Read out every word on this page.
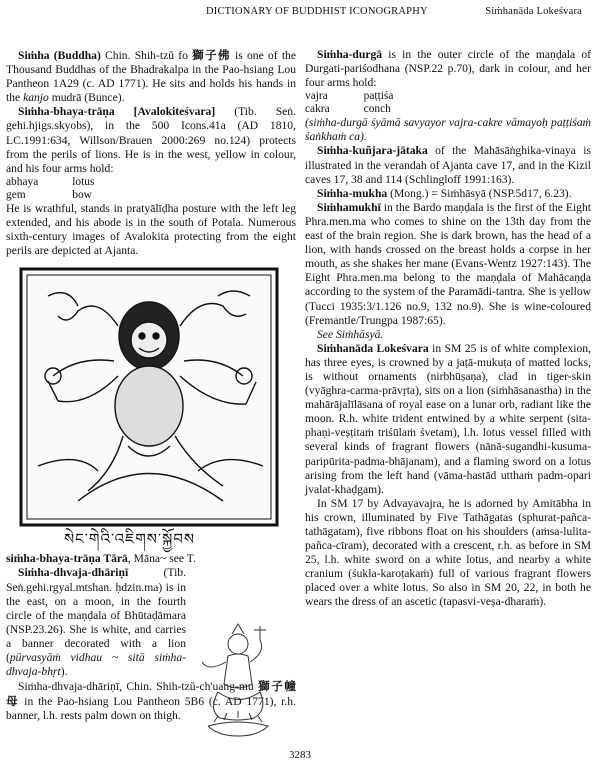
DICTIONARY OF BUDDHIST ICONOGRAPHY	Siṁhanāda Lokeśvara

Siṁha (Buddha) Chin. Shih-tzŭ fo 獅子佛 is one of the Thousand Buddhas of the Bhadrakalpa in the Pao-hsiang Lou Pantheon 1A29 (c. AD 1771). He sits and holds his hands in the kanjo mudrā (Bunce).

Siṁha-bhaya-trāṇa [Avalokiteśvara] (Tib. Seṅ. gehi.hjigs.skyobs), in the 500 Icons.41a (AD 1810, LC.1991:634, Willson/Brauen 2000:269 no.124) protects from the perils of lions. He is in the west, yellow in colour, and his four arms hold:

abhaya	lotus
gem	bow

He is wrathful, stands in pratyālīḍha posture with the left leg extended, and his abode is in the south of Potala. Numerous sixth-century images of Avalokita protecting from the eight perils are depicted at Ajanta.

སེང་གེའི་འཇིགས་སྐྱོབས

siṁha-bhaya-trāṇa Tārā, Māna~ see T.

Siṁha-dhvaja-dhāriṇī (Tib. Seṅ.gehi.rgyal.mtshan. ḥdzin.ma) is in the east, on a moon, in the fourth circle of the maṇḍala of Bhūtaḍāmara (NSP.23.26). She is white, and carries a banner decorated with a lion (pūrvasyāṁ vidhau ~ sitā siṁha-dhvaja-bhṛt).

Siṁha-dhvaja-dhāriṇī, Chin. Shih-tzŭ-ch'uang-mu 獅子幢母 in the Pao-hsiang Lou Pantheon 5B6 (c. AD 1771), r.h. banner, l.h. rests palm down on thigh.

Siṁha-durgā is in the outer circle of the maṇḍala of Durgati-pariśodhana (NSP.22 p.70), dark in colour, and her four arms hold:

vajra	paṭṭiśa
cakra	conch

(siṁha-durgā śyāmā savyayor vajra-cakre vāmayoḥ paṭṭiśaṁ śaṅkhaṁ ca).

Siṁha-kuñjara-jātaka of the Mahāsāṅghika-vinaya is illustrated in the verandah of Ajanta cave 17, and in the Kizil caves 17, 38 and 114 (Schlingloff 1991:163).

Siṁha-mukha (Mong.) = Siṁhāsyā (NSP.5d17, 6.23).

Siṁhamukhī in the Bardo maṇḍala is the first of the Eight Phra.men.ma who comes to shine on the 13th day from the east of the brain region. She is dark brown, has the head of a lion, with hands crossed on the breast holds a corpse in her mouth, as she shakes her mane (Evans-Wentz 1927:143). The Eight Phra.men.ma belong to the maṇḍala of Mahācaṇḍa according to the system of the Paramādi-tantra. She is yellow (Tucci 1935:3/1.126 no.9, 132 no.9). She is wine-coloured (Fremantle/Trungpa 1987:65).

See Siṁhāsyā.

Siṁhanāda Lokeśvara in SM 25 is of white complexion, has three eyes, is crowned by a jaṭā-mukuṭa of matted locks, is without ornaments (nirbhūṣaṇa), clad in tiger-skin (vyāghra-carma-prāvṛta), sits on a lion (siṁhāsanastha) in the mahārājalīlāsana of royal ease on a lunar orb, radiant like the moon. R.h. white trident entwined by a white serpent (sita-phaṇi-veṣṭitaṁ triśūlaṁ śvetam), l.h. lotus vessel filled with several kinds of fragrant flowers (nānā-sugandhi-kusuma-paripūrita-padma-bhājanam), and a flaming sword on a lotus arising from the left hand (vāma-hastād utthaṁ padm-opari jvalat-khaḍgam).

In SM 17 by Advayavajra, he is adorned by Amitābha in his crown, illuminated by Five Tathāgatas (sphurat-pañca-tathāgatam), five ribbons float on his shoulders (aṁsa-lulita-pañca-cīram), decorated with a crescent, r.h. as before in SM 25, l.h. white sword on a white lotus, and nearby a white cranium (śukla-karoṭakaṁ) full of various fragrant flowers placed over a white lotus. So also in SM 20, 22, in both he wears the dress of an ascetic (tapasvi-veṣa-dharaṁ).

3283
